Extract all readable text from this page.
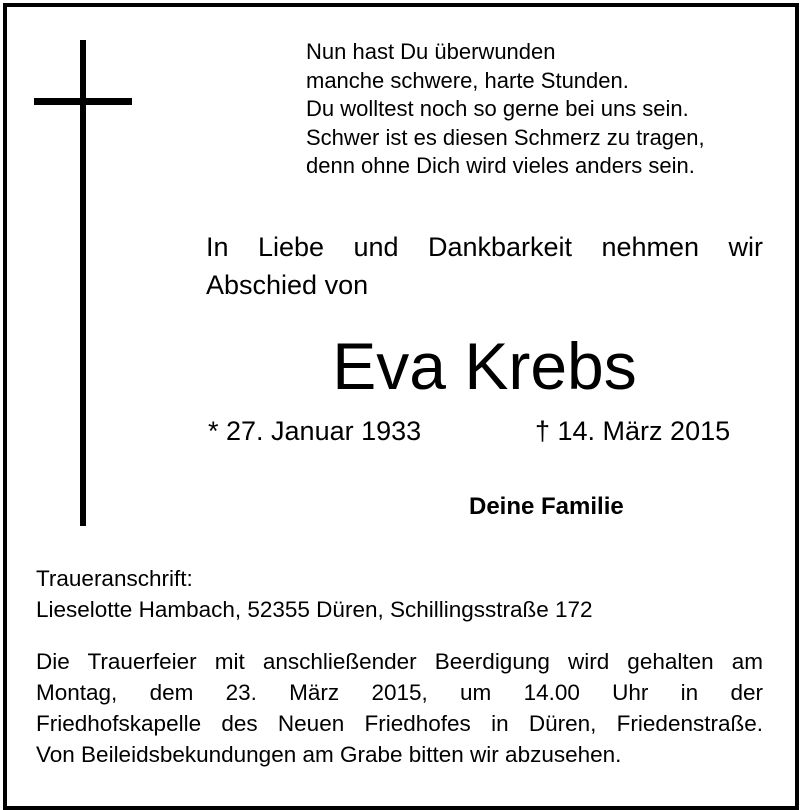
Nun hast Du überwunden
manche schwere, harte Stunden.
Du wolltest noch so gerne bei uns sein.
Schwer ist es diesen Schmerz zu tragen,
denn ohne Dich wird vieles anders sein.
In Liebe und Dankbarkeit nehmen wir
Abschied von
Eva Krebs
* 27. Januar 1933	† 14. März 2015
Deine Familie
Traueranschrift:
Lieselotte Hambach, 52355 Düren, Schillingsstraße 172
Die Trauerfeier mit anschließender Beerdigung wird gehalten am
Montag, dem 23. März 2015, um 14.00 Uhr in der
Friedhofskapelle des Neuen Friedhofes in Düren, Friedenstraße.
Von Beileidsbekundungen am Grabe bitten wir abzusehen.
